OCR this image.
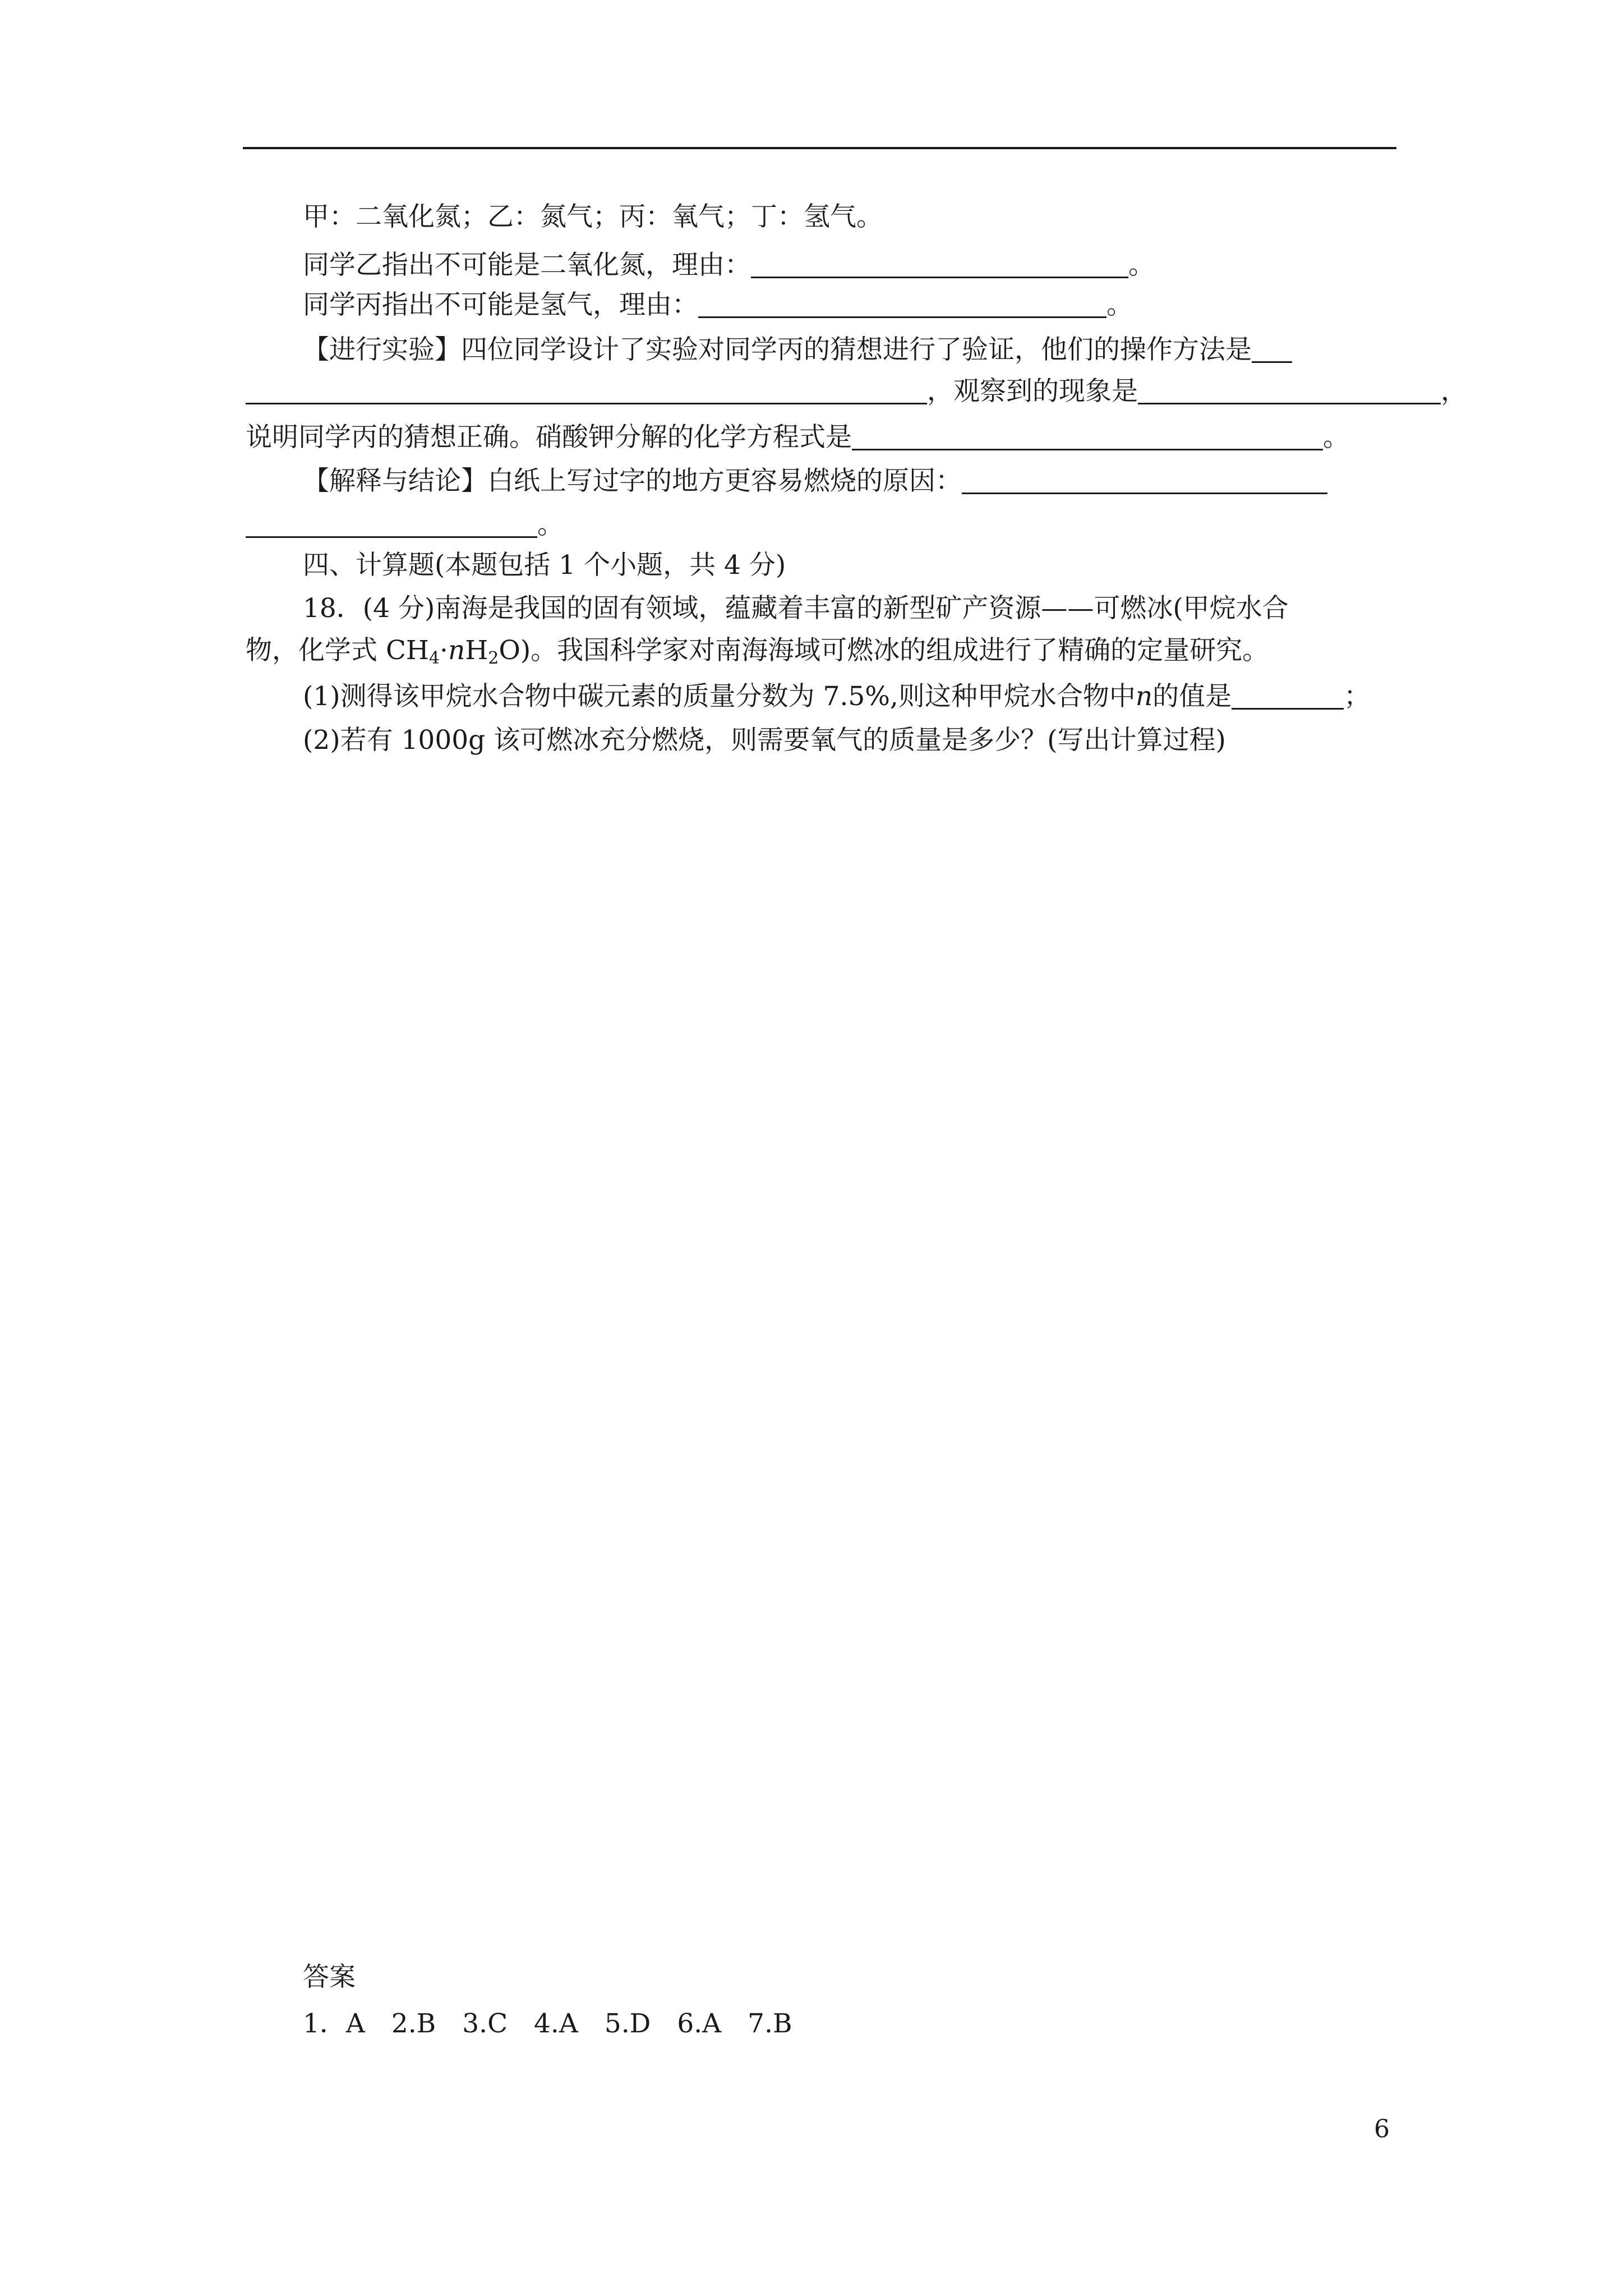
甲：二氧化氮；乙：氮气；丙：氧气；丁：氢气。
同学乙指出不可能是二氧化氮，理由：	。
同学丙指出不可能是氢气，理由：	。
【进行实验】四位同学设计了实验对同学丙的猜想进行了验证，他们的操作方法是
，观察到的现象是	，
说明同学丙的猜想正确。硝酸钾分解的化学方程式是	。
【解释与结论】白纸上写过字的地方更容易燃烧的原因：
。
四、计算题(本题包括 1 个小题，共 4 分)
18．(4 分)南海是我国的固有领域，蕴藏着丰富的新型矿产资源——可燃冰(甲烷水合
物，化学式 $CH_4\cdot nH_2O$)。我国科学家对南海海域可燃冰的组成进行了精确的定量研究。
(1)测得该甲烷水合物中碳元素的质量分数为 7.5%,则这种甲烷水合物中n的值是	；
(2)若有 1000g 该可燃冰充分燃烧，则需要氧气的质量是多少？(写出计算过程)
答案
1．A　2.B　3.C　4.A　5.D　6.A　7.B
6
